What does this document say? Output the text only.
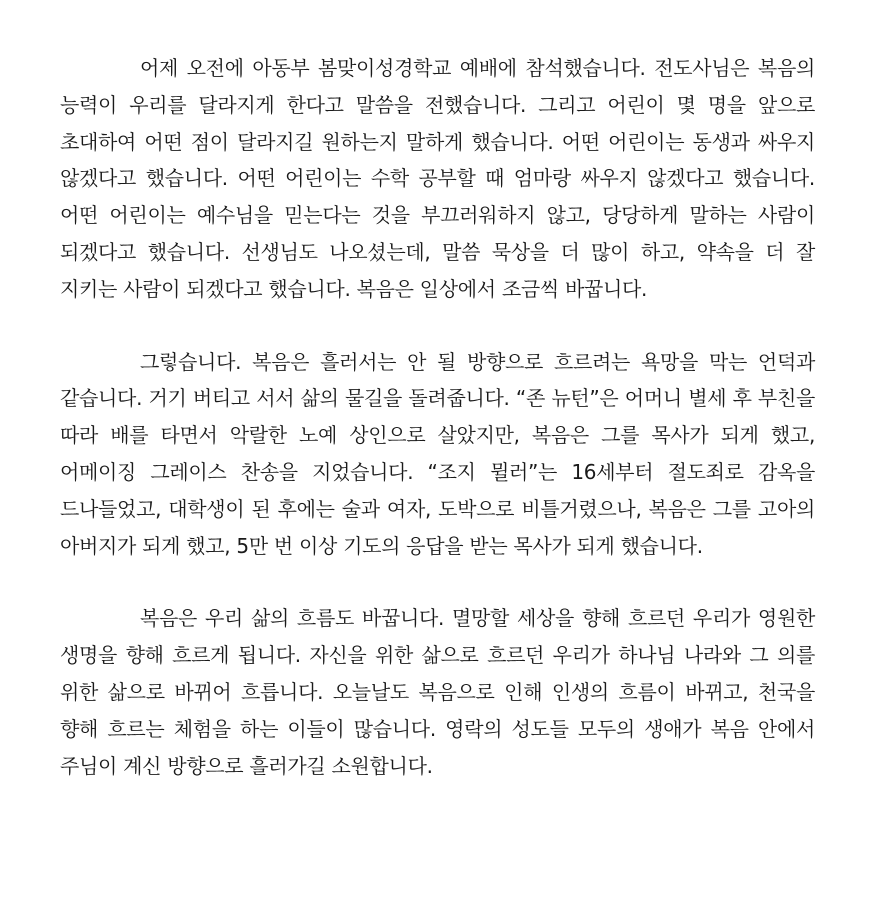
어제 오전에 아동부 봄맞이성경학교 예배에 참석했습니다. 전도사님은 복음의 능력이 우리를 달라지게 한다고 말씀을 전했습니다. 그리고 어린이 몇 명을 앞으로 초대하여 어떤 점이 달라지길 원하는지 말하게 했습니다. 어떤 어린이는 동생과 싸우지 않겠다고 했습니다. 어떤 어린이는 수학 공부할 때 엄마랑 싸우지 않겠다고 했습니다. 어떤 어린이는 예수님을 믿는다는 것을 부끄러워하지 않고, 당당하게 말하는 사람이 되겠다고 했습니다. 선생님도 나오셨는데, 말씀 묵상을 더 많이 하고, 약속을 더 잘 지키는 사람이 되겠다고 했습니다. 복음은 일상에서 조금씩 바꿉니다.

그렇습니다. 복음은 흘러서는 안 될 방향으로 흐르려는 욕망을 막는 언덕과 같습니다. 거기 버티고 서서 삶의 물길을 돌려줍니다. “존 뉴턴”은 어머니 별세 후 부친을 따라 배를 타면서 악랄한 노예 상인으로 살았지만, 복음은 그를 목사가 되게 했고, 어메이징 그레이스 찬송을 지었습니다. “조지 뮐러”는 16세부터 절도죄로 감옥을 드나들었고, 대학생이 된 후에는 술과 여자, 도박으로 비틀거렸으나, 복음은 그를 고아의 아버지가 되게 했고, 5만 번 이상 기도의 응답을 받는 목사가 되게 했습니다.

복음은 우리 삶의 흐름도 바꿉니다. 멸망할 세상을 향해 흐르던 우리가 영원한 생명을 향해 흐르게 됩니다. 자신을 위한 삶으로 흐르던 우리가 하나님 나라와 그 의를 위한 삶으로 바뀌어 흐릅니다. 오늘날도 복음으로 인해 인생의 흐름이 바뀌고, 천국을 향해 흐르는 체험을 하는 이들이 많습니다. 영락의 성도들 모두의 생애가 복음 안에서 주님이 계신 방향으로 흘러가길 소원합니다.
